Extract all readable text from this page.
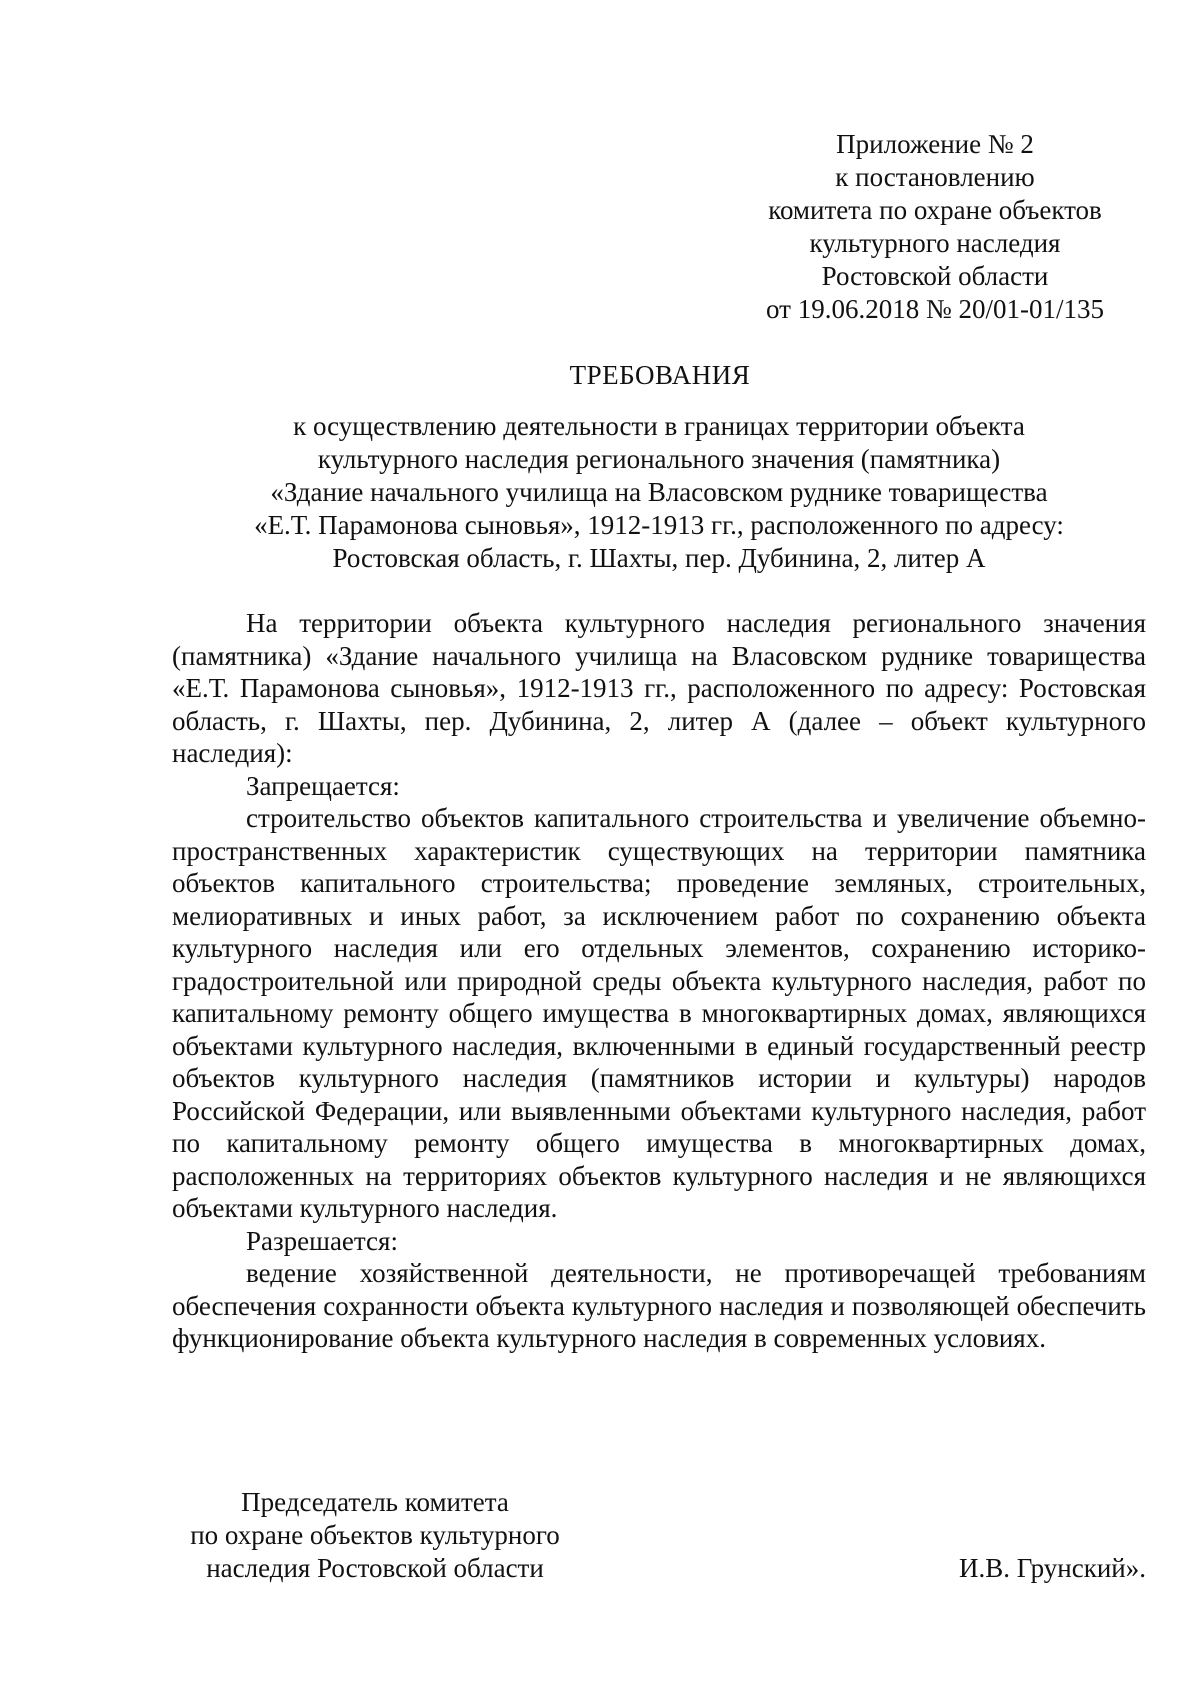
Приложение № 2
к постановлению
комитета по охране объектов
культурного наследия
Ростовской области
от 19.06.2018 № 20/01-01/135
ТРЕБОВАНИЯ
к осуществлению деятельности в границах территории объекта
культурного наследия регионального значения (памятника)
«Здание начального училища на Власовском руднике товарищества
«Е.Т. Парамонова сыновья», 1912-1913 гг., расположенного по адресу:
Ростовская область, г. Шахты, пер. Дубинина, 2, литер А

На территории объекта культурного наследия регионального значения (памятника) «Здание начального училища на Власовском руднике товарищества «Е.Т. Парамонова сыновья», 1912-1913 гг., расположенного по адресу: Ростовская область, г. Шахты, пер. Дубинина, 2, литер А (далее – объект культурного наследия):

Запрещается:

строительство объектов капитального строительства и увеличение объемно-пространственных характеристик существующих на территории памятника объектов капитального строительства; проведение земляных, строительных, мелиоративных и иных работ, за исключением работ по сохранению объекта культурного наследия или его отдельных элементов, сохранению историко-градостроительной или природной среды объекта культурного наследия, работ по капитальному ремонту общего имущества в многоквартирных домах, являющихся объектами культурного наследия, включенными в единый государственный реестр объектов культурного наследия (памятников истории и культуры) народов Российской Федерации, или выявленными объектами культурного наследия, работ по капитальному ремонту общего имущества в многоквартирных домах, расположенных на территориях объектов культурного наследия и не являющихся объектами культурного наследия.

Разрешается:

ведение хозяйственной деятельности, не противоречащей требованиям обеспечения сохранности объекта культурного наследия и позволяющей обеспечить функционирование объекта культурного наследия в современных условиях.

Председатель комитета
по охране объектов культурного
наследия Ростовской области	И.В. Грунский».
